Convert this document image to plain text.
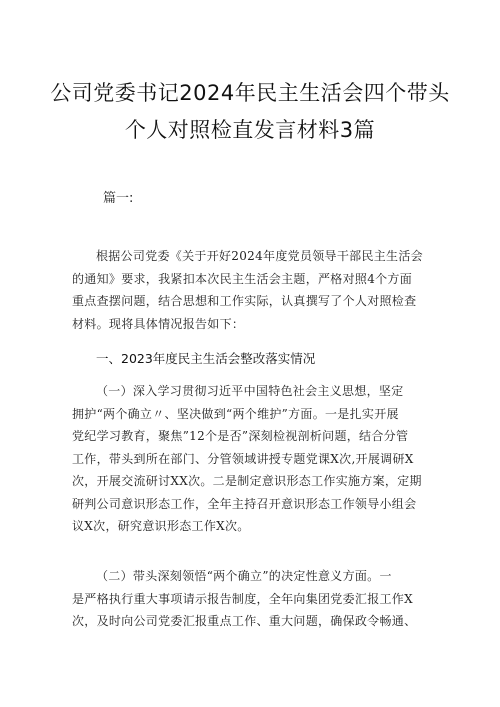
公司党委书记2024年民主生活会四个带头
个人对照检直发言材料3篇
篇一:
根据公司党委《关于开好2024年度党员领导干部民主生活会
的通知》要求，我紧扣本次民主生活会主题，严格对照4个方面
重点查摆问题，结合思想和工作实际，认真撰写了个人对照检查
材料。现将具体情况报告如下：
一、2023年度民主生活会整改落实情况
（一）深入学习贯彻习近平中国特色社会主义思想，坚定
拥护“两个确立〃、坚决做到“两个维护”方面。一是扎实开展
党纪学习教育，聚焦”12个是否”深刻检视剖析问题，结合分管
工作，带头到所在部门、分管领域讲授专题党课X次,开展调研X
次，开展交流研讨XX次。二是制定意识形态工作实施方案，定期
研判公司意识形态工作，全年主持召开意识形态工作领导小组会
议X次，研究意识形态工作X次。
（二）带头深刻领悟“两个确立”的决定性意义方面。一
是严格执行重大事项请示报告制度，全年向集团党委汇报工作X
次，及时向公司党委汇报重点工作、重大问题，确保政令畅通、
